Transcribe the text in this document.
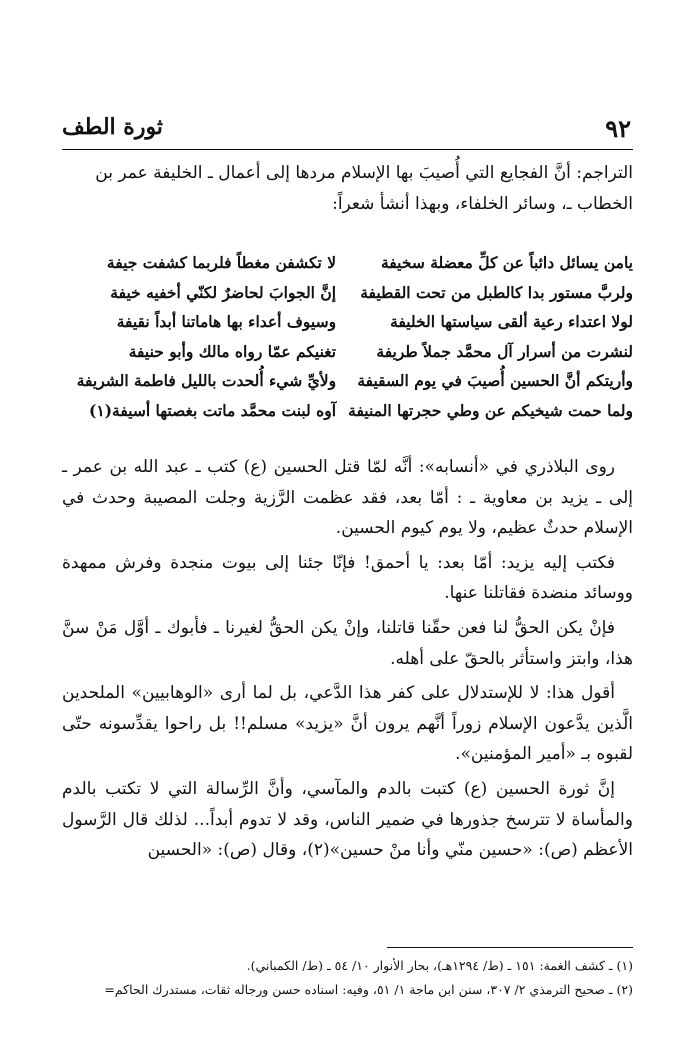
٩٢
ثورة الطف

التراجم: أنَّ الفجايع التي أُصيبَ بها الإسلام مردها إلى أعمال ـ الخليفة عمر بن

الخطاب ـ، وسائر الخلفاء، وبهذا أنشأ شعراً:

يامن يسائل دائباً عن كلِّ معضلة سخيفة
لا تكشفن مغطاً فلربما كشفت جيفة
ولربَّ مستور بدا كالطبل من تحت القطيفة
إنَّ الجوابَ لحاضرٌ لكنّي أخفيه خيفة
لولا اعتداء رعية ألقى سياستها الخليفة
وسيوف أعداء بها هاماتنا أبداً نقيفة
لنشرت من أسرار آل محمَّد جملاً طريفة
تغنيكم عمّا رواه مالك وأبو حنيفة
وأريتكم أنَّ الحسين أُصيبَ في يوم السقيفة
ولأيِّ شيء أُلحدت بالليل فاطمة الشريفة
ولما حمت شيخيكم عن وطي حجرتها المنيفة
آوه لبنت محمَّد ماتت بغصتها أسيفة(١)

روى البلاذري في «أنسابه»: أنَّه لمّا قتل الحسين (ع) كتب ـ عبد الله بن عمر ـ إلى ـ يزيد بن معاوية ـ : أمّا بعد، فقد عظمت الرَّزية وجلت المصيبة وحدث في الإسلام حدثٌ عظيم، ولا يوم كيوم الحسين.

فكتب إليه يزيد: أمّا بعد: يا أحمق! فإنّا جئنا إلى بيوت منجدة وفرش ممهدة ووسائد منضدة فقاتلنا عنها.

فإنْ يكن الحقُّ لنا فعن حقّنا قاتلنا، وإنْ يكن الحقُّ لغيرنا ـ فأبوك ـ أوَّل مَنْ سنَّ هذا، وابتز واستأثر بالحقّ على أهله.

أقول هذا: لا للإستدلال على كفر هذا الدَّعي، بل لما أرى «الوهابيين» الملحدين الَّذين يدَّعون الإسلام زوراً أنَّهم يرون أنَّ «يزيد» مسلم!! بل راحوا يقدِّسونه حتّى لقبوه بـ «أمير المؤمنين».

إنَّ ثورة الحسين (ع) كتبت بالدم والمآسي، وأنَّ الرِّسالة التي لا تكتب بالدم والمأساة لا تترسخ جذورها في ضمير الناس، وقد لا تدوم أبداً... لذلك قال الرَّسول الأعظم (ص): «حسين منّي وأنا منْ حسين»(٢)، وقال (ص): «الحسين

(١) ـ كشف الغمة: ١٥١ ـ (ط/ ١٢٩٤هـ)، بحار الأنوار ١٠/ ٥٤ ـ (ط/ الكمباني).

(٢) ـ صحيح الترمذي ٢/ ٣٠٧، سنن ابن ماجة ١/ ٥١، وفيه: اسناده حسن ورجاله ثقات، مستدرك الحاكم=
